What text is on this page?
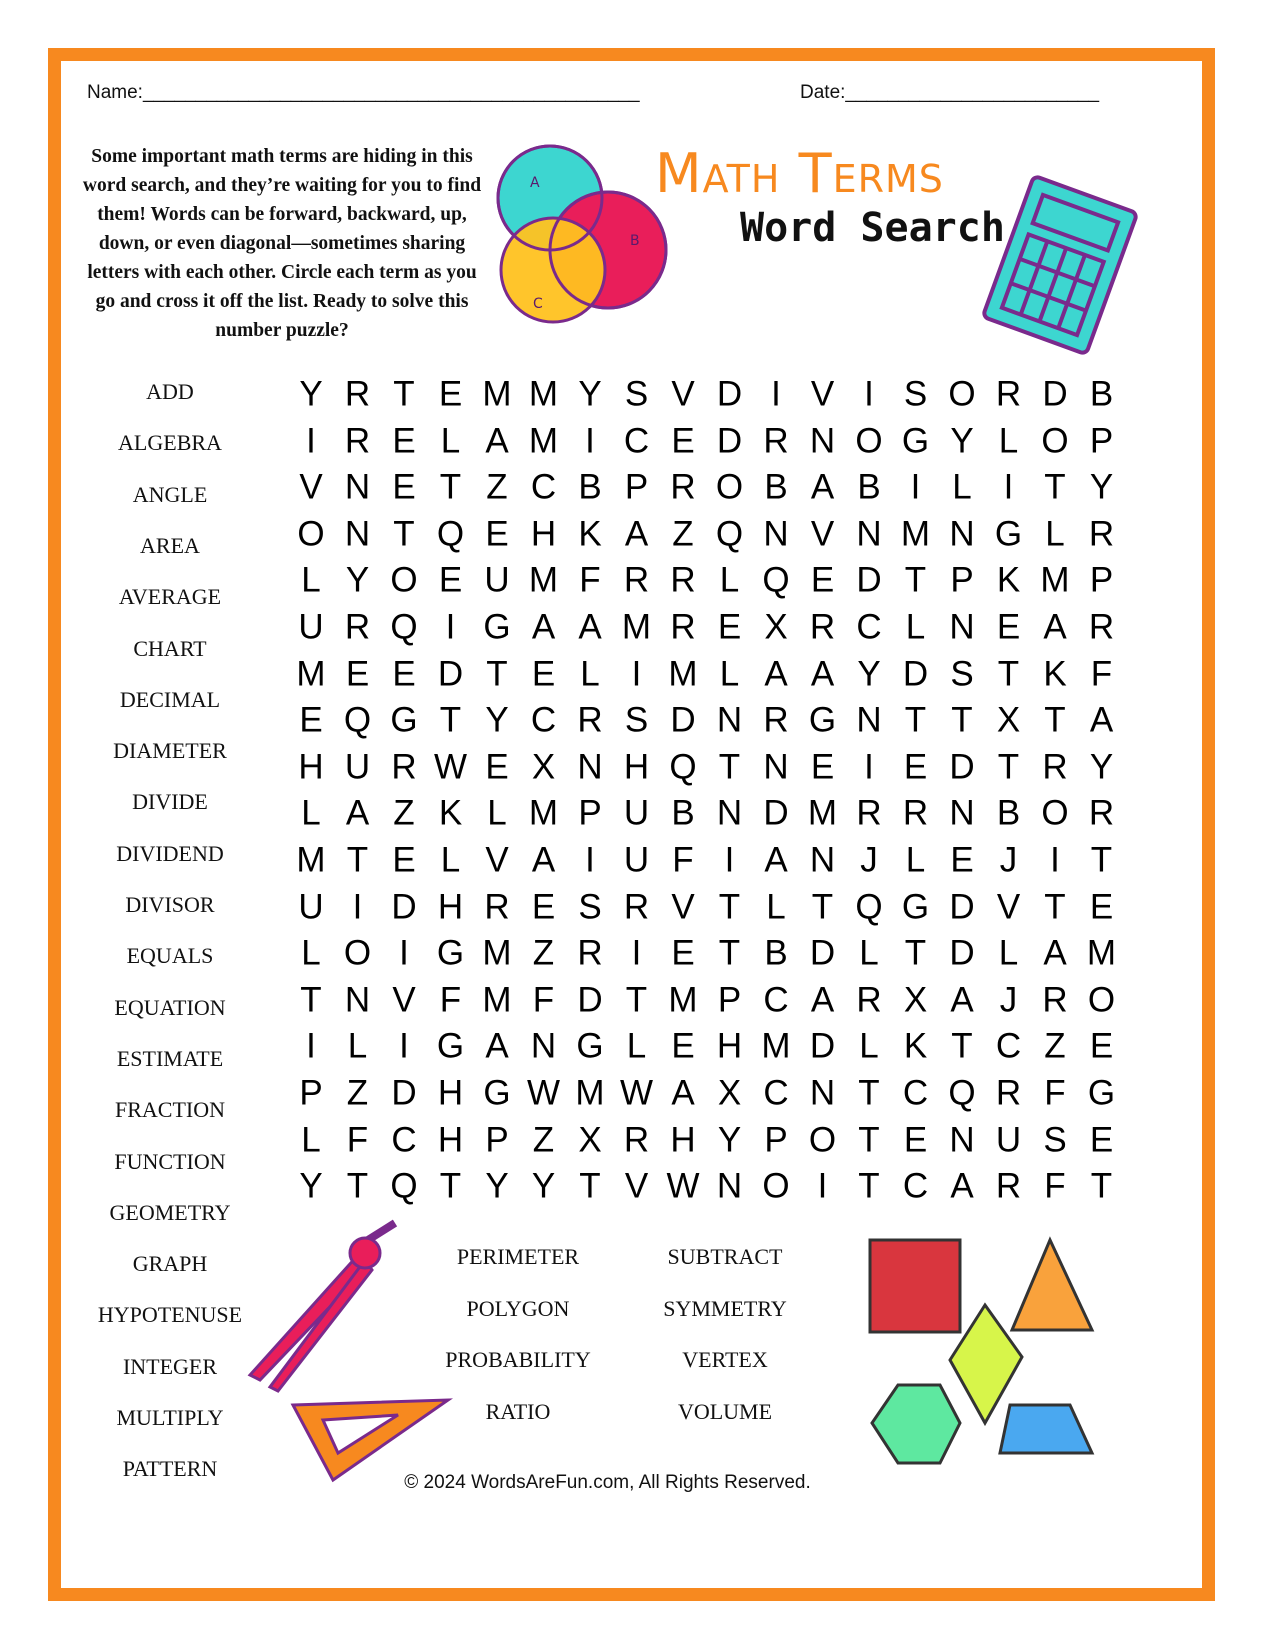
Name:_______________________________________________	Date:________________________
Some important math terms are hiding in this word search, and they’re waiting for you to find them! Words can be forward, backward, up, down, or even diagonal—sometimes sharing letters with each other. Circle each term as you go and cross it off the list. Ready to solve this number puzzle?
A
B
C
Math Terms
Word Search
ADD
ALGEBRA
ANGLE
AREA
AVERAGE
CHART
DECIMAL
DIAMETER
DIVIDE
DIVIDEND
DIVISOR
EQUALS
EQUATION
ESTIMATE
FRACTION
FUNCTION
GEOMETRY
GRAPH
HYPOTENUSE
INTEGER
MULTIPLY
PATTERN
PERIMETER
POLYGON
PROBABILITY
RATIO
SUBTRACT
SYMMETRY
VERTEX
VOLUME
Y R T E M M Y S V D I V I S O R D B
I R E L A M I C E D R N O G Y L O P
V N E T Z C B P R O B A B I L I T Y
O N T Q E H K A Z Q N V N M N G L R
L Y O E U M F R R L Q E D T P K M P
U R Q I G A A M R E X R C L N E A R
M E E D T E L I M L A A Y D S T K F
E Q G T Y C R S D N R G N T T X T A
H U R W E X N H Q T N E I E D T R Y
L A Z K L M P U B N D M R R N B O R
M T E L V A I U F I A N J L E J I T
U I D H R E S R V T L T Q G D V T E
L O I G M Z R I E T B D L T D L A M
T N V F M F D T M P C A R X A J R O
I L I G A N G L E H M D L K T C Z E
P Z D H G W M W A X C N T C Q R F G
L F C H P Z X R H Y P O T E N U S E
Y T Q T Y Y T V W N O I T C A R F T
© 2024 WordsAreFun.com, All Rights Reserved.
